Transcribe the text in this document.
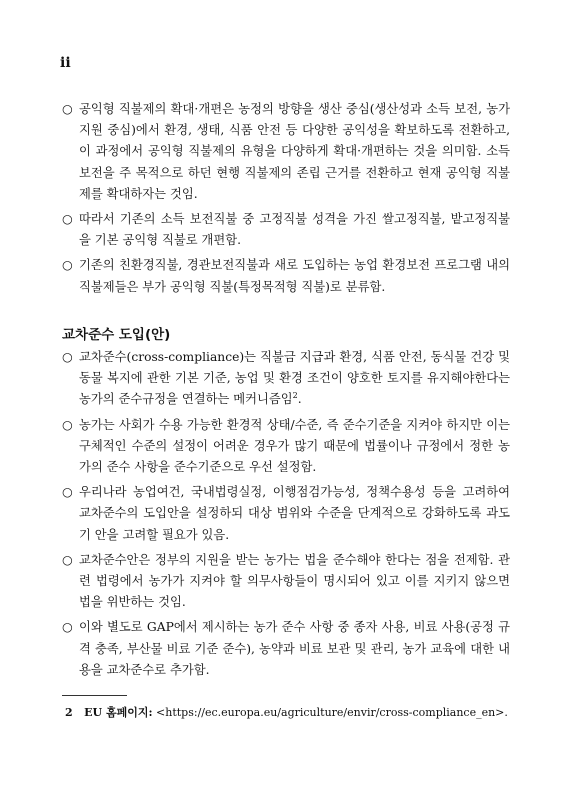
ii
○ 공익형 직불제의 확대·개편은 농정의 방향을 생산 중심(생산성과 소득 보전, 농가지원 중심)에서 환경, 생태, 식품 안전 등 다양한 공익성을 확보하도록 전환하고, 이 과정에서 공익형 직불제의 유형을 다양하게 확대·개편하는 것을 의미함. 소득 보전을 주 목적으로 하던 현행 직불제의 존립 근거를 전환하고 현재 공익형 직불제를 확대하자는 것임.
○ 따라서 기존의 소득 보전직불 중 고정직불 성격을 가진 쌀고정직불, 밭고정직불을 기본 공익형 직불로 개편함.
○ 기존의 친환경직불, 경관보전직불과 새로 도입하는 농업 환경보전 프로그램 내의 직불제들은 부가 공익형 직불(특정목적형 직불)로 분류함.
교차준수 도입(안)
○ 교차준수(cross-compliance)는 직불금 지급과 환경, 식품 안전, 동식물 건강 및 동물 복지에 관한 기본 기준, 농업 및 환경 조건이 양호한 토지를 유지해야한다는 농가의 준수규정을 연결하는 메커니즘임$^2$.
○ 농가는 사회가 수용 가능한 환경적 상태/수준, 즉 준수기준을 지켜야 하지만 이는 구체적인 수준의 설정이 어려운 경우가 많기 때문에 법률이나 규정에서 정한 농가의 준수 사항을 준수기준으로 우선 설정함.
○ 우리나라 농업여건, 국내법령실정, 이행점검가능성, 정책수용성 등을 고려하여 교차준수의 도입안을 설정하되 대상 범위와 수준을 단계적으로 강화하도록 과도기 안을 고려할 필요가 있음.
○ 교차준수안은 정부의 지원을 받는 농가는 법을 준수해야 한다는 점을 전제함. 관련 법령에서 농가가 지켜야 할 의무사항들이 명시되어 있고 이를 지키지 않으면 법을 위반하는 것임.
○ 이와 별도로 GAP에서 제시하는 농가 준수 사항 중 종자 사용, 비료 사용(공정 규격 충족, 부산물 비료 기준 준수), 농약과 비료 보관 및 관리, 농가 교육에 대한 내용을 교차준수로 추가함.
2 EU 홈페이지: <https://ec.europa.eu/agriculture/envir/cross-compliance_en>.
